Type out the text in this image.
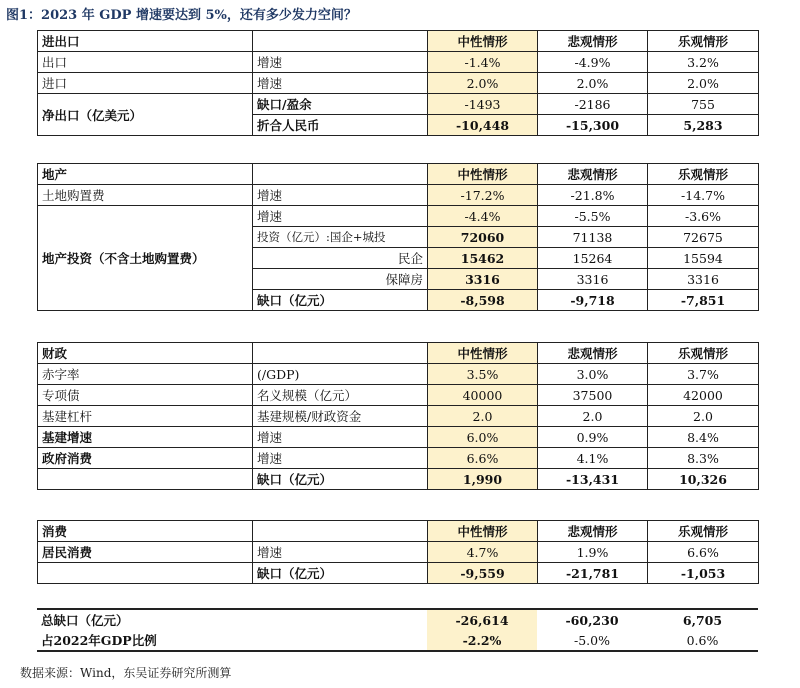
图1：2023 年 GDP 增速要达到 5%，还有多少发力空间？
进出口		中性情形	悲观情形	乐观情形
出口	增速	-1.4%	-4.9%	3.2%
进口	增速	2.0%	2.0%	2.0%
净出口（亿美元）	缺口/盈余	-1493	-2186	755
	折合人民币	-10,448	-15,300	5,283
地产		中性情形	悲观情形	乐观情形
土地购置费	增速	-17.2%	-21.8%	-14.7%
地产投资（不含土地购置费）	增速	-4.4%	-5.5%	-3.6%
	投资（亿元）:国企+城投	72060	71138	72675
	民企	15462	15264	15594
	保障房	3316	3316	3316
	缺口（亿元）	-8,598	-9,718	-7,851
财政		中性情形	悲观情形	乐观情形
赤字率	(/GDP)	3.5%	3.0%	3.7%
专项债	名义规模（亿元）	40000	37500	42000
基建杠杆	基建规模/财政资金	2.0	2.0	2.0
基建增速	增速	6.0%	0.9%	8.4%
政府消费	增速	6.6%	4.1%	8.3%
	缺口（亿元）	1,990	-13,431	10,326
消费		中性情形	悲观情形	乐观情形
居民消费	增速	4.7%	1.9%	6.6%
	缺口（亿元）	-9,559	-21,781	-1,053
总缺口（亿元）		-26,614	-60,230	6,705
占2022年GDP比例		-2.2%	-5.0%	0.6%
数据来源：Wind，东吴证券研究所测算
